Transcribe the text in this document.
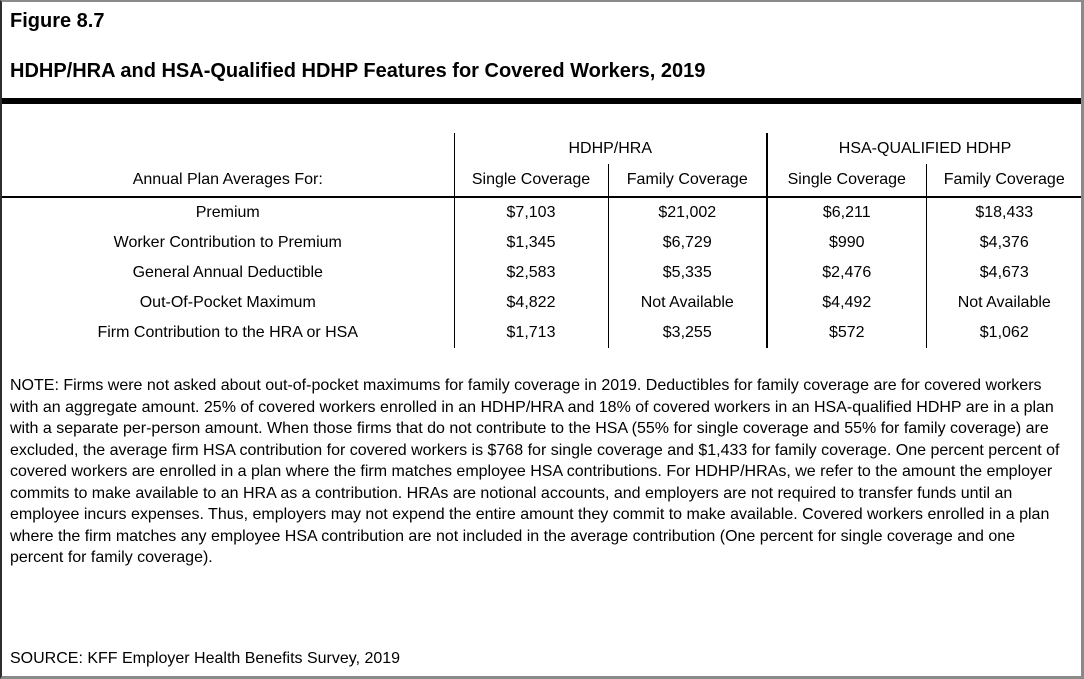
Figure 8.7
HDHP/HRA and HSA-Qualified HDHP Features for Covered Workers, 2019
	HDHP/HRA		HSA-QUALIFIED HDHP	
Annual Plan Averages For:	Single Coverage	Family Coverage	Single Coverage	Family Coverage
Premium	$7,103	$21,002	$6,211	$18,433
Worker Contribution to Premium	$1,345	$6,729	$990	$4,376
General Annual Deductible	$2,583	$5,335	$2,476	$4,673
Out-Of-Pocket Maximum	$4,822	Not Available	$4,492	Not Available
Firm Contribution to the HRA or HSA	$1,713	$3,255	$572	$1,062
NOTE: Firms were not asked about out-of-pocket maximums for family coverage in 2019. Deductibles for family coverage are for covered workers with an aggregate amount. 25% of covered workers enrolled in an HDHP/HRA and 18% of covered workers in an HSA-qualified HDHP are in a plan with a separate per-person amount. When those firms that do not contribute to the HSA (55% for single coverage and 55% for family coverage) are excluded, the average firm HSA contribution for covered workers is $768 for single coverage and $1,433 for family coverage. One percent percent of covered workers are enrolled in a plan where the firm matches employee HSA contributions. For HDHP/HRAs, we refer to the amount the employer commits to make available to an HRA as a contribution. HRAs are notional accounts, and employers are not required to transfer funds until an employee incurs expenses. Thus, employers may not expend the entire amount they commit to make available. Covered workers enrolled in a plan where the firm matches any employee HSA contribution are not included in the average contribution (One percent for single coverage and one percent for family coverage).
SOURCE: KFF Employer Health Benefits Survey, 2019
